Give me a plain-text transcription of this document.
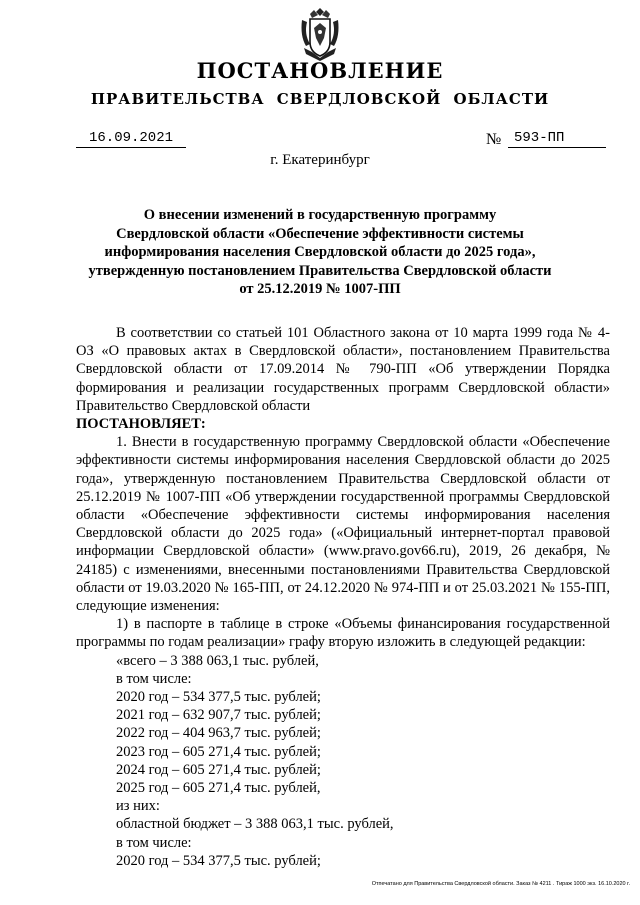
ПОСТАНОВЛЕНИЕ
ПРАВИТЕЛЬСТВА СВЕРДЛОВСКОЙ ОБЛАСТИ
16.09.2021	№ 593-ПП
г. Екатеринбург
О внесении изменений в государственную программу
Свердловской области «Обеспечение эффективности системы
информирования населения Свердловской области до 2025 года»,
утвержденную постановлением Правительства Свердловской области
от 25.12.2019 № 1007-ПП

В соответствии со статьей 101 Областного закона от 10 марта 1999 года № 4-ОЗ «О правовых актах в Свердловской области», постановлением Правительства Свердловской области от 17.09.2014 № 790-ПП «Об утверждении Порядка формирования и реализации государственных программ Свердловской области» Правительство Свердловской области

ПОСТАНОВЛЯЕТ:

1. Внести в государственную программу Свердловской области «Обеспечение эффективности системы информирования населения Свердловской области до 2025 года», утвержденную постановлением Правительства Свердловской области от 25.12.2019 № 1007-ПП «Об утверждении государственной программы Свердловской области «Обеспечение эффективности системы информирования населения Свердловской области до 2025 года» («Официальный интернет-портал правовой информации Свердловской области» (www.pravo.gov66.ru), 2019, 26 декабря, № 24185) с изменениями, внесенными постановлениями Правительства Свердловской области от 19.03.2020 № 165-ПП, от 24.12.2020 № 974-ПП и от 25.03.2021 № 155-ПП, следующие изменения:

1) в паспорте в таблице в строке «Объемы финансирования государственной программы по годам реализации» графу вторую изложить в следующей редакции:

«всего – 3 388 063,1 тыс. рублей,

в том числе:

2020 год – 534 377,5 тыс. рублей;

2021 год – 632 907,7 тыс. рублей;

2022 год – 404 963,7 тыс. рублей;

2023 год – 605 271,4 тыс. рублей;

2024 год – 605 271,4 тыс. рублей;

2025 год – 605 271,4 тыс. рублей,

из них:

областной бюджет – 3 388 063,1 тыс. рублей,

в том числе:

2020 год – 534 377,5 тыс. рублей;

Отпечатано для Правительства Свердловской области. Заказ № 4211 . Тираж 1000 экз. 16.10.2020 г.
